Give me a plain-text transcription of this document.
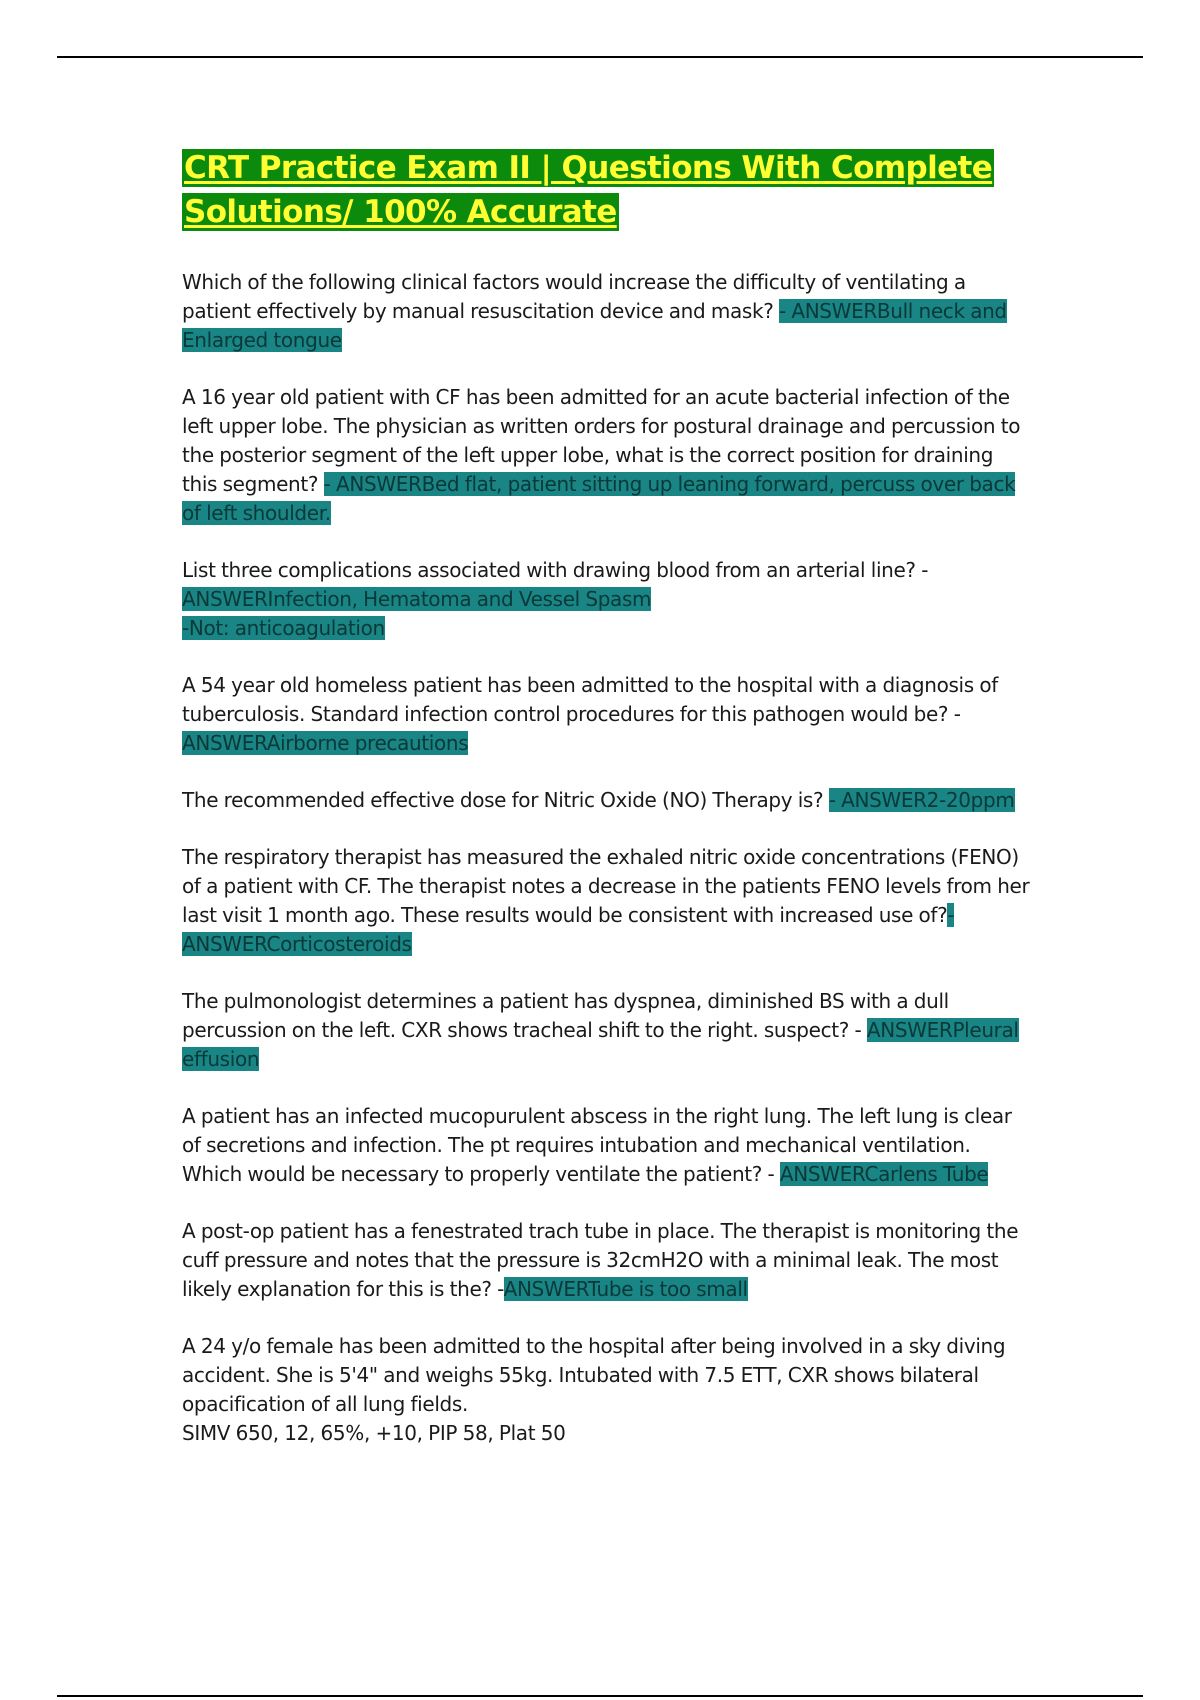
CRT Practice Exam II | Questions With Complete Solutions/ 100% Accurate

Which of the following clinical factors would increase the difficulty of ventilating a patient effectively by manual resuscitation device and mask? - ANSWERBull neck and Enlarged tongue

A 16 year old patient with CF has been admitted for an acute bacterial infection of the left upper lobe. The physician as written orders for postural drainage and percussion to the posterior segment of the left upper lobe, what is the correct position for draining this segment? - ANSWERBed flat, patient sitting up leaning forward, percuss over back of left shoulder.

List three complications associated with drawing blood from an arterial line? - ANSWERInfection, Hematoma and Vessel Spasm
-Not: anticoagulation

A 54 year old homeless patient has been admitted to the hospital with a diagnosis of tuberculosis. Standard infection control procedures for this pathogen would be? - ANSWERAirborne precautions

The recommended effective dose for Nitric Oxide (NO) Therapy is? - ANSWER2-20ppm

The respiratory therapist has measured the exhaled nitric oxide concentrations (FENO) of a patient with CF. The therapist notes a decrease in the patients FENO levels from her last visit 1 month ago. These results would be consistent with increased use of?- ANSWERCorticosteroids

The pulmonologist determines a patient has dyspnea, diminished BS with a dull percussion on the left. CXR shows tracheal shift to the right. suspect? - ANSWERPleural effusion

A patient has an infected mucopurulent abscess in the right lung. The left lung is clear of secretions and infection. The pt requires intubation and mechanical ventilation. Which would be necessary to properly ventilate the patient? - ANSWERCarlens Tube

A post-op patient has a fenestrated trach tube in place. The therapist is monitoring the cuff pressure and notes that the pressure is 32cmH2O with a minimal leak. The most likely explanation for this is the? -ANSWERTube is too small

A 24 y/o female has been admitted to the hospital after being involved in a sky diving accident. She is 5'4" and weighs 55kg. Intubated with 7.5 ETT, CXR shows bilateral opacification of all lung fields.
SIMV 650, 12, 65%, +10, PIP 58, Plat 50
